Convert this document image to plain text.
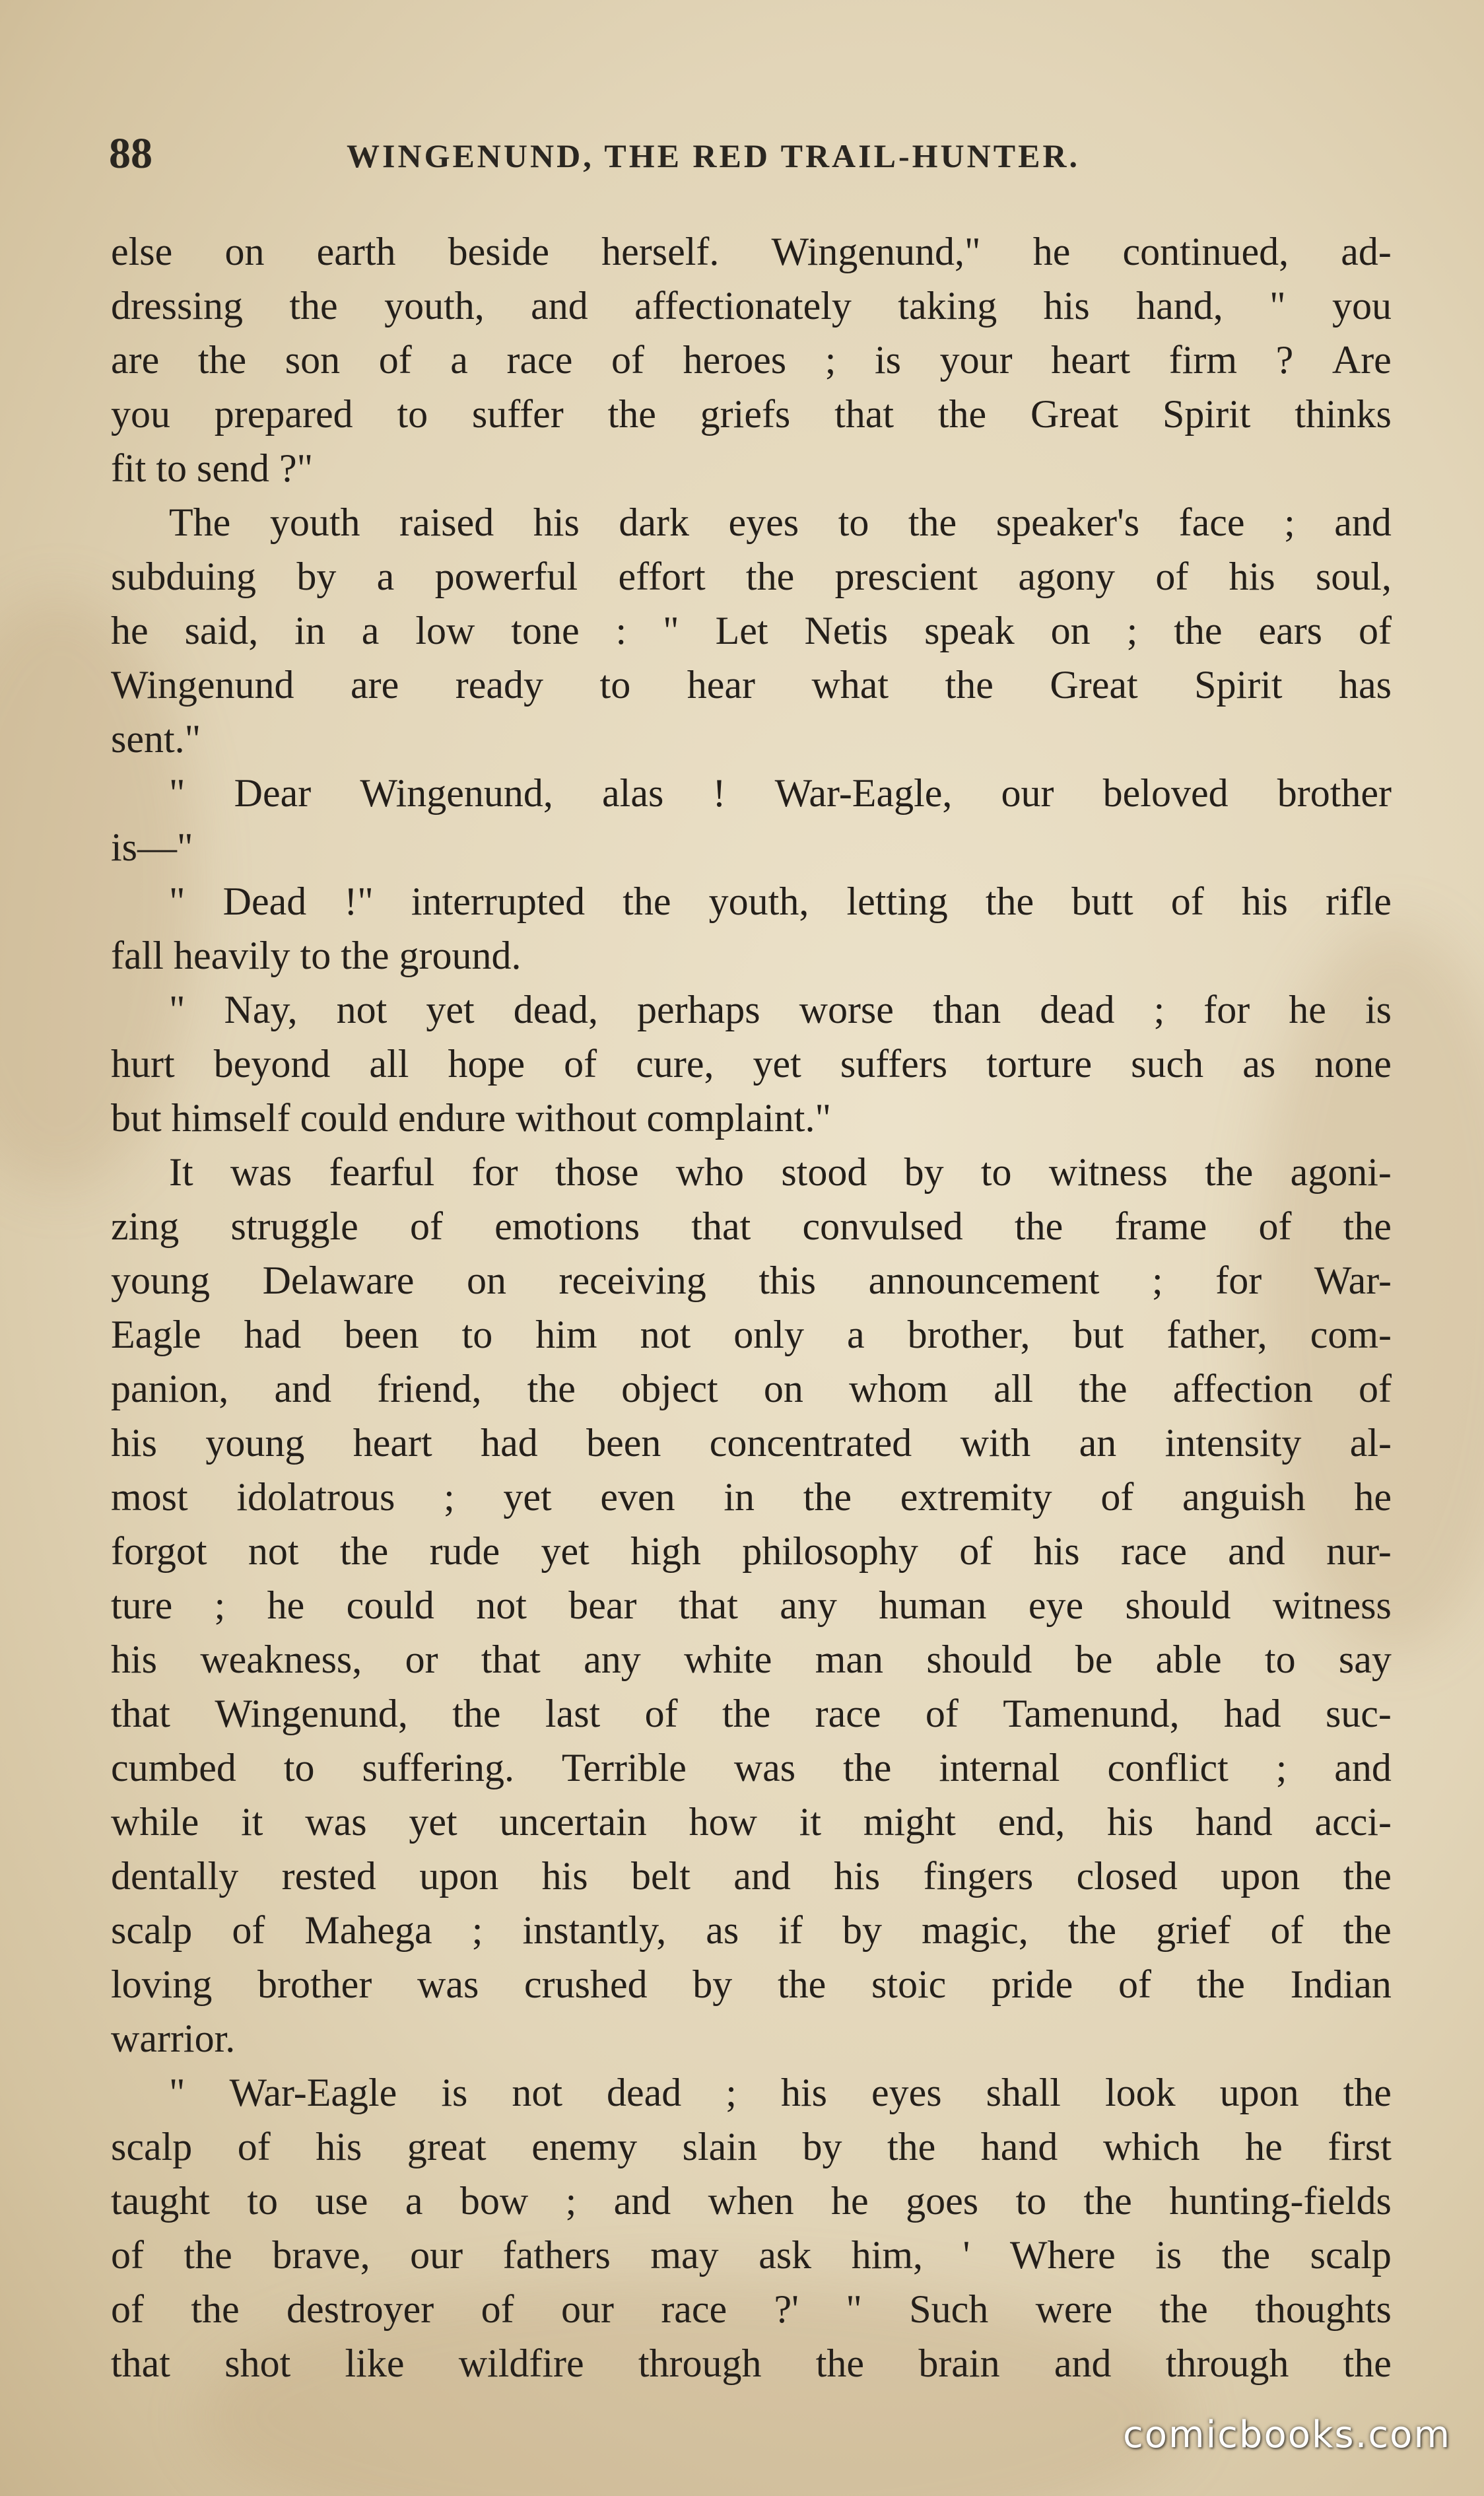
88	WINGENUND, THE RED TRAIL-HUNTER.
else on earth beside herself. Wingenund," he continued, ad-
dressing the youth, and affectionately taking his hand, " you
are the son of a race of heroes ; is your heart firm ? Are
you prepared to suffer the griefs that the Great Spirit thinks
fit to send ?"
The youth raised his dark eyes to the speaker's face ; and
subduing by a powerful effort the prescient agony of his soul,
he said, in a low tone : " Let Netis speak on ; the ears of
Wingenund are ready to hear what the Great Spirit has
sent."
" Dear Wingenund, alas ! War-Eagle, our beloved brother
is—"
" Dead !" interrupted the youth, letting the butt of his rifle
fall heavily to the ground.
" Nay, not yet dead, perhaps worse than dead ; for he is
hurt beyond all hope of cure, yet suffers torture such as none
but himself could endure without complaint."
It was fearful for those who stood by to witness the agoni-
zing struggle of emotions that convulsed the frame of the
young Delaware on receiving this announcement ; for War-
Eagle had been to him not only a brother, but father, com-
panion, and friend, the object on whom all the affection of
his young heart had been concentrated with an intensity al-
most idolatrous ; yet even in the extremity of anguish he
forgot not the rude yet high philosophy of his race and nur-
ture ; he could not bear that any human eye should witness
his weakness, or that any white man should be able to say
that Wingenund, the last of the race of Tamenund, had suc-
cumbed to suffering. Terrible was the internal conflict ; and
while it was yet uncertain how it might end, his hand acci-
dentally rested upon his belt and his fingers closed upon the
scalp of Mahega ; instantly, as if by magic, the grief of the
loving brother was crushed by the stoic pride of the Indian
warrior.
" War-Eagle is not dead ; his eyes shall look upon the
scalp of his great enemy slain by the hand which he first
taught to use a bow ; and when he goes to the hunting-fields
of the brave, our fathers may ask him, ' Where is the scalp
of the destroyer of our race ?' " Such were the thoughts
that shot like wildfire through the brain and through the
comicbooks.com
